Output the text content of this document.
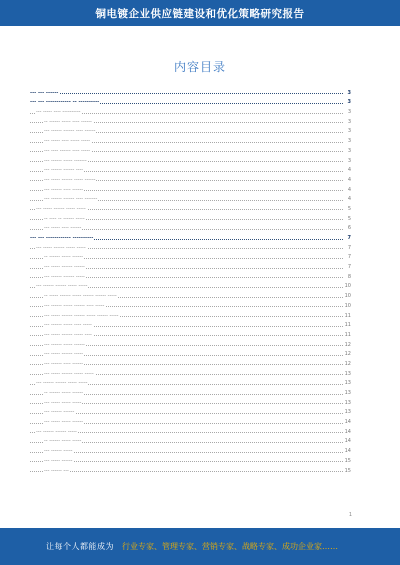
铜电镀企业供应链建设和优化策略研究报告
内容目录
--- --- ------	3
--- --- ------------ -- ----------	3
--- ----- ---- ----------	3
-- ------ ----- ---- ------	3
--- ------ ------ ---- ------	3
--- ----- ---- ----- -----	3
--- ---- ------ ---- -----	3
--- ------ ----- -------	3
--- ------ ------ ----	4
--- ----- ------ ----- ------	4
--- ------ ---- ------	4
--- ------ ------ ---- -------	4
--- ----- ------ ----- -----	5
-- ---- -- ------ -----	5
--- ----- ---- ------	6
--- --- ------------ ----------	7
--- ----- ------ ----- -----	7
-- ------ ----- ------	7
--- ----- ------ ------	7
--- ------ ------ -----	8
--- ------ ------ ----- -----	10
-- ----- ------ ----- ------ ------ -----	10
--- ------ ----- ------ ---- -----	10
--- ----- ------ ------ ----- ------ -----	11
--- ------ ----- ---- -----	11
--- ----- ------ ----- ----	11
--- ------ ----- ------	12
--- ----- ------ -----	12
--- ------ ---- ------	12
--- ----- ------ ----- -----	13
--- ------ ------ ----- -----	13
-- ------ ----- ------	13
--- ----- ----- -----	13
--- ------ ------	13
--- ----- ----- ------	14
--- ------ ------ -----	14
-- ------ ----- -----	14
--- ------ -----	14
--- ----- ------	15
--- ------ ---	15
1
让每个人都能成为 行业专家、管理专家、营销专家、战略专家、成功企业家……
